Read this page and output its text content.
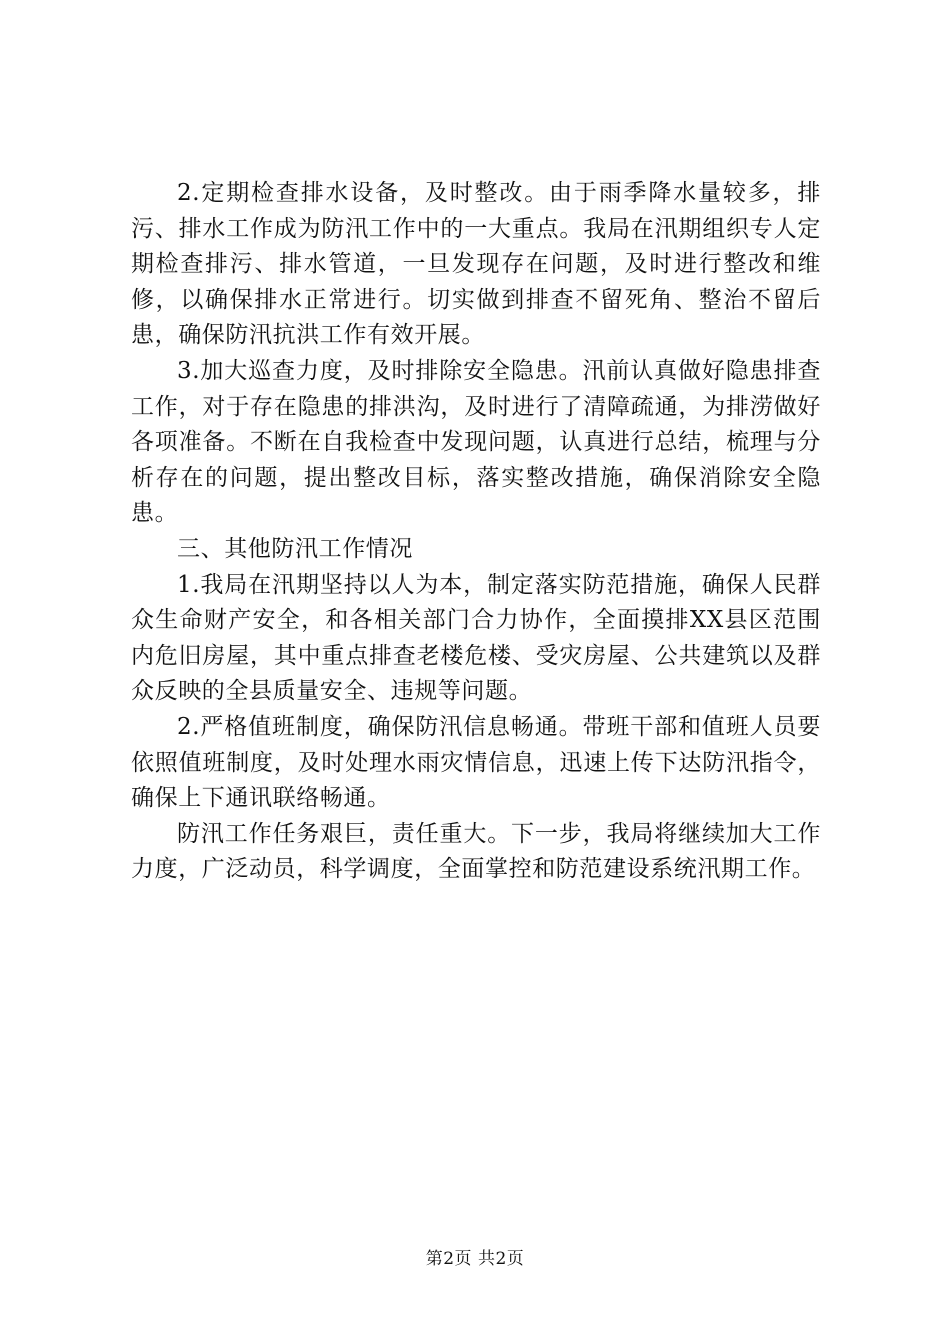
2.定期检查排水设备，及时整改。由于雨季降水量较多，排污、排水工作成为防汛工作中的一大重点。我局在汛期组织专人定期检查排污、排水管道，一旦发现存在问题，及时进行整改和维修，以确保排水正常进行。切实做到排查不留死角、整治不留后患，确保防汛抗洪工作有效开展。

3.加大巡查力度，及时排除安全隐患。汛前认真做好隐患排查工作，对于存在隐患的排洪沟，及时进行了清障疏通，为排涝做好各项准备。不断在自我检查中发现问题，认真进行总结，梳理与分析存在的问题，提出整改目标，落实整改措施，确保消除安全隐患。

三、其他防汛工作情况

1.我局在汛期坚持以人为本，制定落实防范措施，确保人民群众生命财产安全，和各相关部门合力协作，全面摸排XX县区范围内危旧房屋，其中重点排查老楼危楼、受灾房屋、公共建筑以及群众反映的全县质量安全、违规等问题。

2.严格值班制度，确保防汛信息畅通。带班干部和值班人员要依照值班制度，及时处理水雨灾情信息，迅速上传下达防汛指令，确保上下通讯联络畅通。

防汛工作任务艰巨，责任重大。下一步，我局将继续加大工作力度，广泛动员，科学调度，全面掌控和防范建设系统汛期工作。

第2页 共2页
